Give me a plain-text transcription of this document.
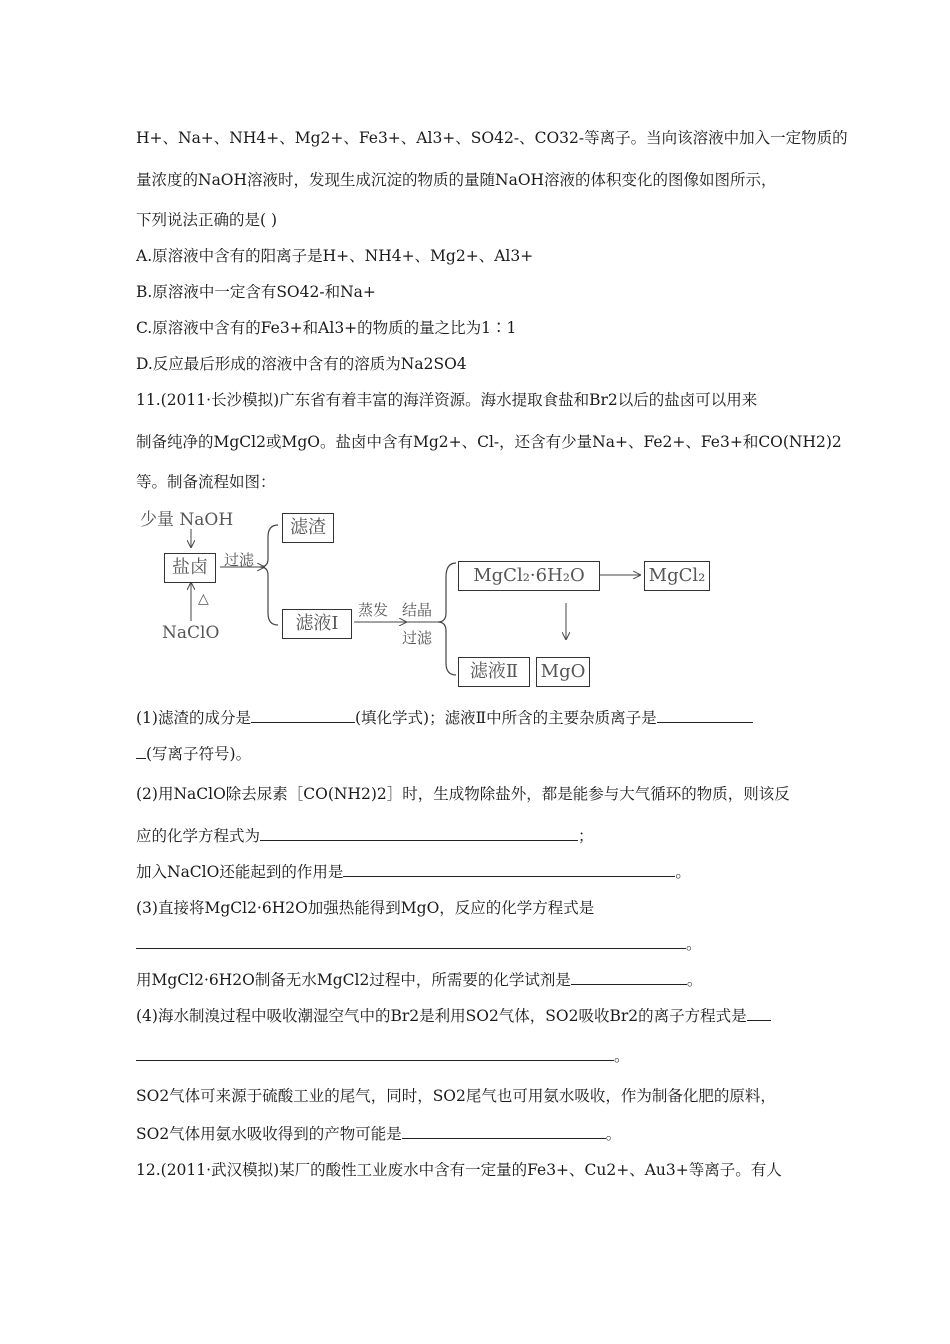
H+、Na+、NH4+、Mg2+、Fe3+、Al3+、SO42-、CO32-等离子。当向该溶液中加入一定物质的
量浓度的NaOH溶液时，发现生成沉淀的物质的量随NaOH溶液的体积变化的图像如图所示，
下列说法正确的是( )
A.原溶液中含有的阳离子是H+、NH4+、Mg2+、Al3+
B.原溶液中一定含有SO42-和Na+
C.原溶液中含有的Fe3+和Al3+的物质的量之比为1∶1
D.反应最后形成的溶液中含有的溶质为Na2SO4
11.(2011·长沙模拟)广东省有着丰富的海洋资源。海水提取食盐和Br2以后的盐卤可以用来
制备纯净的MgCl2或MgO。盐卤中含有Mg2+、Cl-，还含有少量Na+、Fe2+、Fe3+和CO(NH2)2
等。制备流程如图：
少量 NaOH
盐卤	过滤
△
NaClO
滤渣
滤液Ⅰ
蒸发 结晶
过滤
MgCl₂·6H₂O	MgCl₂
滤液Ⅱ	MgO
(1)滤渣的成分是	(填化学式)；滤液Ⅱ中所含的主要杂质离子是
(写离子符号)。
(2)用NaClO除去尿素［CO(NH2)2］时，生成物除盐外，都是能参与大气循环的物质，则该反
应的化学方程式为	；
加入NaClO还能起到的作用是	。
(3)直接将MgCl2·6H2O加强热能得到MgO，反应的化学方程式是
。
用MgCl2·6H2O制备无水MgCl2过程中，所需要的化学试剂是	。
(4)海水制溴过程中吸收潮湿空气中的Br2是利用SO2气体，SO2吸收Br2的离子方程式是
。
SO2气体可来源于硫酸工业的尾气，同时，SO2尾气也可用氨水吸收，作为制备化肥的原料，
SO2气体用氨水吸收得到的产物可能是	。
12.(2011·武汉模拟)某厂的酸性工业废水中含有一定量的Fe3+、Cu2+、Au3+等离子。有人
